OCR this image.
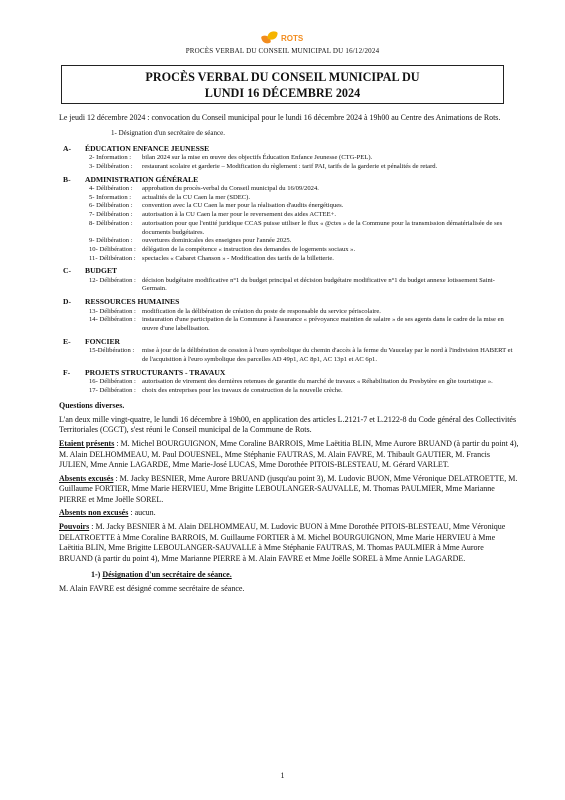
ROTS
PROCÈS VERBAL DU CONSEIL MUNICIPAL DU 16/12/2024
PROCÈS VERBAL DU CONSEIL MUNICIPAL DU
LUNDI 16 DÉCEMBRE 2024

Le jeudi 12 décembre 2024 : convocation du Conseil municipal pour le lundi 16 décembre 2024 à 19h00 au Centre des Animations de Rots.

1- Désignation d'un secrétaire de séance.

A-	ÉDUCATION ENFANCE JEUNESSE
2- Information :	bilan 2024 sur la mise en œuvre des objectifs Éducation Enfance Jeunesse (CTG-PEL).
3- Délibération :	restaurant scolaire et garderie – Modification du règlement : tarif PAI, tarifs de la garderie et pénalités de retard.
B-	ADMINISTRATION GÉNÉRALE
4- Délibération :	approbation du procès-verbal du Conseil municipal du 16/09/2024.
5- Information :	actualités de la CU Caen la mer (SDEC).
6- Délibération :	convention avec la CU Caen la mer pour la réalisation d'audits énergétiques.
7- Délibération :	autorisation à la CU Caen la mer pour le reversement des aides ACTEE+.
8- Délibération :	autorisation pour que l'entité juridique CCAS puisse utiliser le flux « @ctes » de la Commune pour la transmission dématérialisée de ses documents budgétaires.
9- Délibération :	ouvertures dominicales des enseignes pour l'année 2025.
10- Délibération : délégation de la compétence « instruction des demandes de logements sociaux ».
11- Délibération : spectacles « Cabaret Chanson » - Modification des tarifs de la billetterie.
C-	BUDGET
12- Délibération : décision budgétaire modificative n°1 du budget principal et décision budgétaire modificative n°1 du budget annexe lotissement Saint-Germain.
D-	RESSOURCES HUMAINES
13- Délibération : modification de la délibération de création du poste de responsable du service périscolaire.
14- Délibération : instauration d'une participation de la Commune à l'assurance « prévoyance maintien de salaire » de ses agents dans le cadre de la mise en œuvre d'une labellisation.
E-	FONCIER
15-Délibération :	mise à jour de la délibération de cession à l'euro symbolique du chemin d'accès à la ferme du Vaucelay par le nord à l'indivision HABERT et de l'acquisition à l'euro symbolique des parcelles AD 49p1, AC 8p1, AC 13p1 et AC 6p1.
F-	PROJETS STRUCTURANTS - TRAVAUX
16- Délibération : autorisation de virement des dernières retenues de garantie du marché de travaux « Réhabilitation du Presbytère en gîte touristique ».
17- Délibération : choix des entreprises pour les travaux de construction de la nouvelle crèche.
Questions diverses.

L'an deux mille vingt-quatre, le lundi 16 décembre à 19h00, en application des articles L.2121-7 et L.2122-8 du Code général des Collectivités Territoriales (CGCT), s'est réuni le Conseil municipal de la Commune de Rots.

Etaient présents : M. Michel BOURGUIGNON, Mme Coraline BARROIS, Mme Laëtitia BLIN, Mme Aurore BRUAND (à partir du point 4), M. Alain DELHOMMEAU, M. Paul DOUESNEL, Mme Stéphanie FAUTRAS, M. Alain FAVRE, M. Thibault GAUTIER, M. Francis JULIEN, Mme Annie LAGARDE, Mme Marie-José LUCAS, Mme Dorothée PITOIS-BLESTEAU, M. Gérard VARLET.

Absents excusés : M. Jacky BESNIER, Mme Aurore BRUAND (jusqu'au point 3), M. Ludovic BUON, Mme Véronique DELATROETTE, M. Guillaume FORTIER, Mme Marie HERVIEU, Mme Brigitte LEBOULANGER-SAUVALLE, M. Thomas PAULMIER, Mme Marianne PIERRE et Mme Joëlle SOREL.

Absents non excusés : aucun.

Pouvoirs : M. Jacky BESNIER à M. Alain DELHOMMEAU, M. Ludovic BUON à Mme Dorothée PITOIS-BLESTEAU, Mme Véronique DELATROETTE à Mme Coraline BARROIS, M. Guillaume FORTIER à M. Michel BOURGUIGNON, Mme Marie HERVIEU à Mme Laëtitia BLIN, Mme Brigitte LEBOULANGER-SAUVALLE à Mme Stéphanie FAUTRAS, M. Thomas PAULMIER à Mme Aurore BRUAND (à partir du point 4), Mme Marianne PIERRE à M. Alain FAVRE et Mme Joëlle SOREL à Mme Annie LAGARDE.

1-) Désignation d'un secrétaire de séance.

M. Alain FAVRE est désigné comme secrétaire de séance.

1
